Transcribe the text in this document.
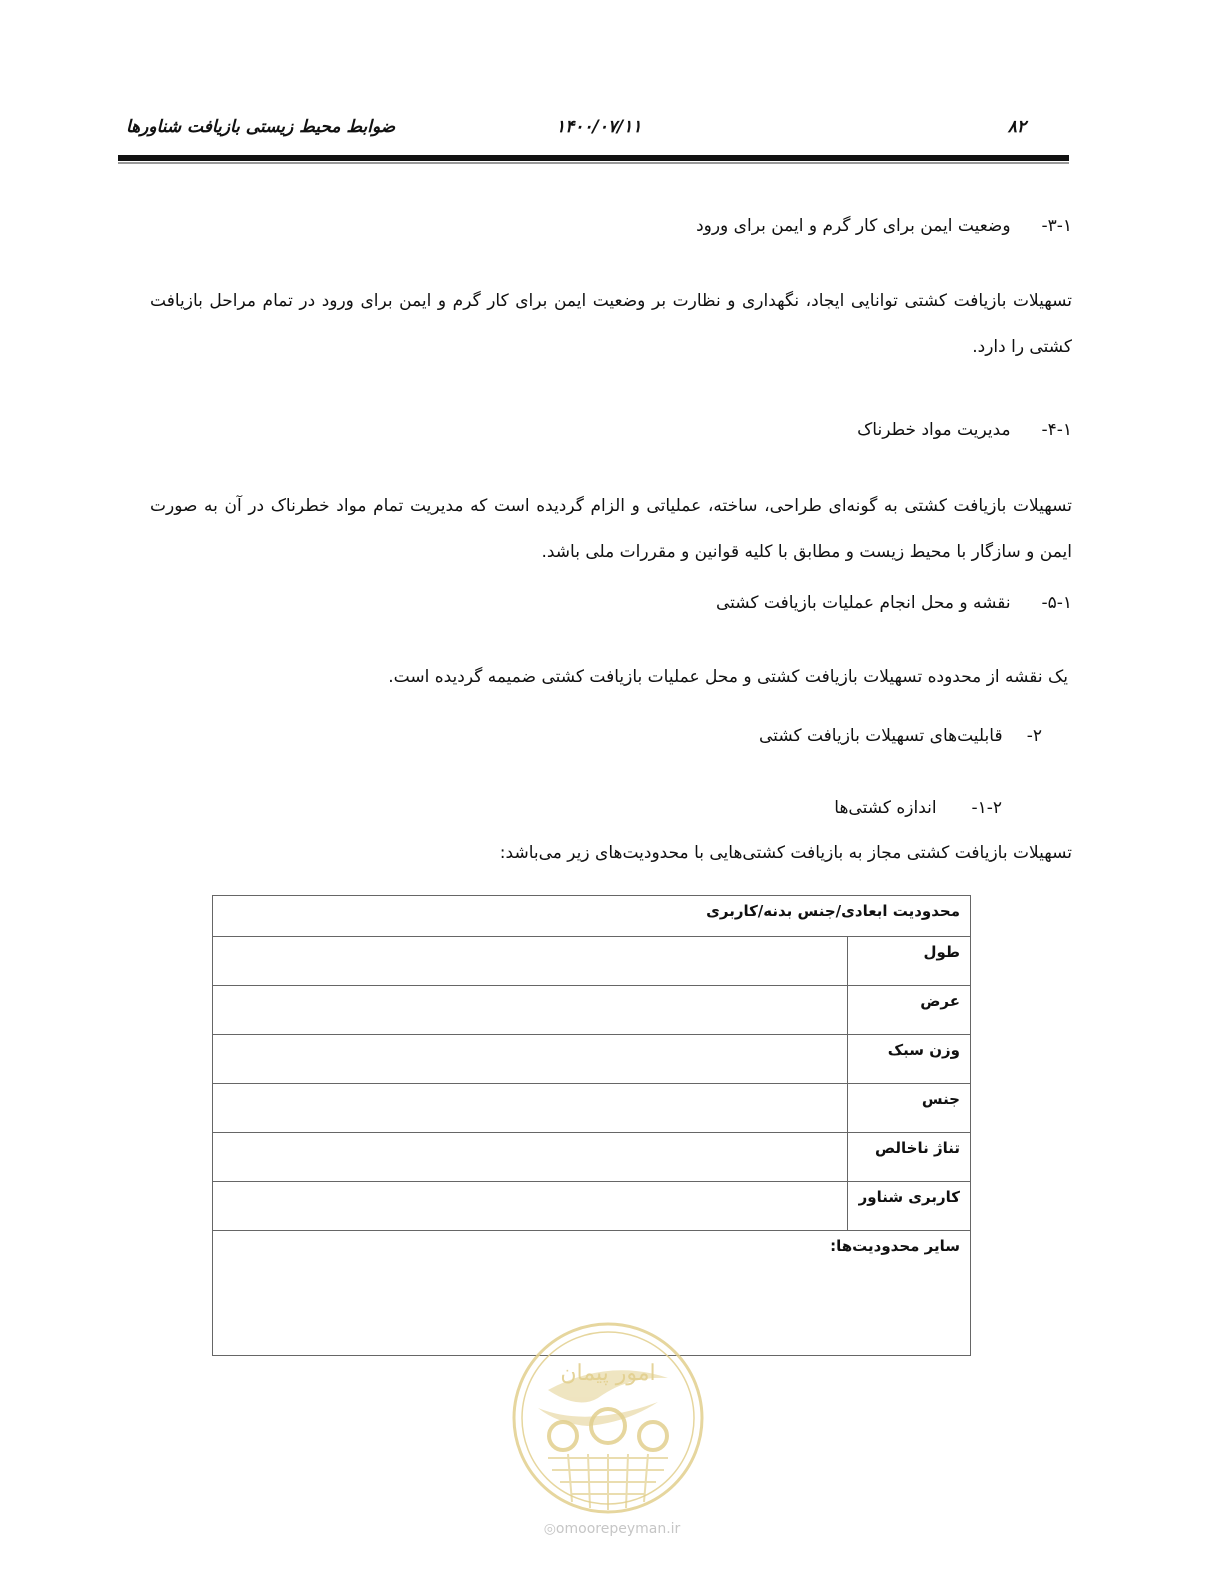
۸۲
۱۴۰۰/۰۷/۱۱
ضوابط محیط زیستی بازیافت شناورها
۳-۱- وضعیت ایمن برای کار گرم و ایمن برای ورود
تسهیلات بازیافت کشتی توانایی ایجاد، نگهداری و نظارت بر وضعیت ایمن برای کار گرم و ایمن برای ورود در تمام مراحل بازیافت کشتی را دارد.
۴-۱- مدیریت مواد خطرناک
تسهیلات بازیافت کشتی به گونه‌ای طراحی، ساخته، عملیاتی و الزام گردیده است که مدیریت تمام مواد خطرناک در آن به صورت ایمن و سازگار با محیط زیست و مطابق با کلیه قوانین و مقررات ملی باشد.
۵-۱- نقشه و محل انجام عملیات بازیافت کشتی
یک نقشه از محدوده تسهیلات بازیافت کشتی و محل عملیات بازیافت کشتی ضمیمه گردیده است.
۲- قابلیت‌های تسهیلات بازیافت کشتی
۱-۲- اندازه کشتی‌ها
تسهیلات بازیافت کشتی مجاز به بازیافت کشتی‌هایی با محدودیت‌های زیر می‌باشد:
محدودیت ابعادی/جنس بدنه/کاربری	
طول	
عرض	
وزن سبک	
جنس	
تناژ ناخالص	
کاربری شناور	
سایر محدودیت‌ها:	
امور پیمان
◎omoorepeyman.ir
